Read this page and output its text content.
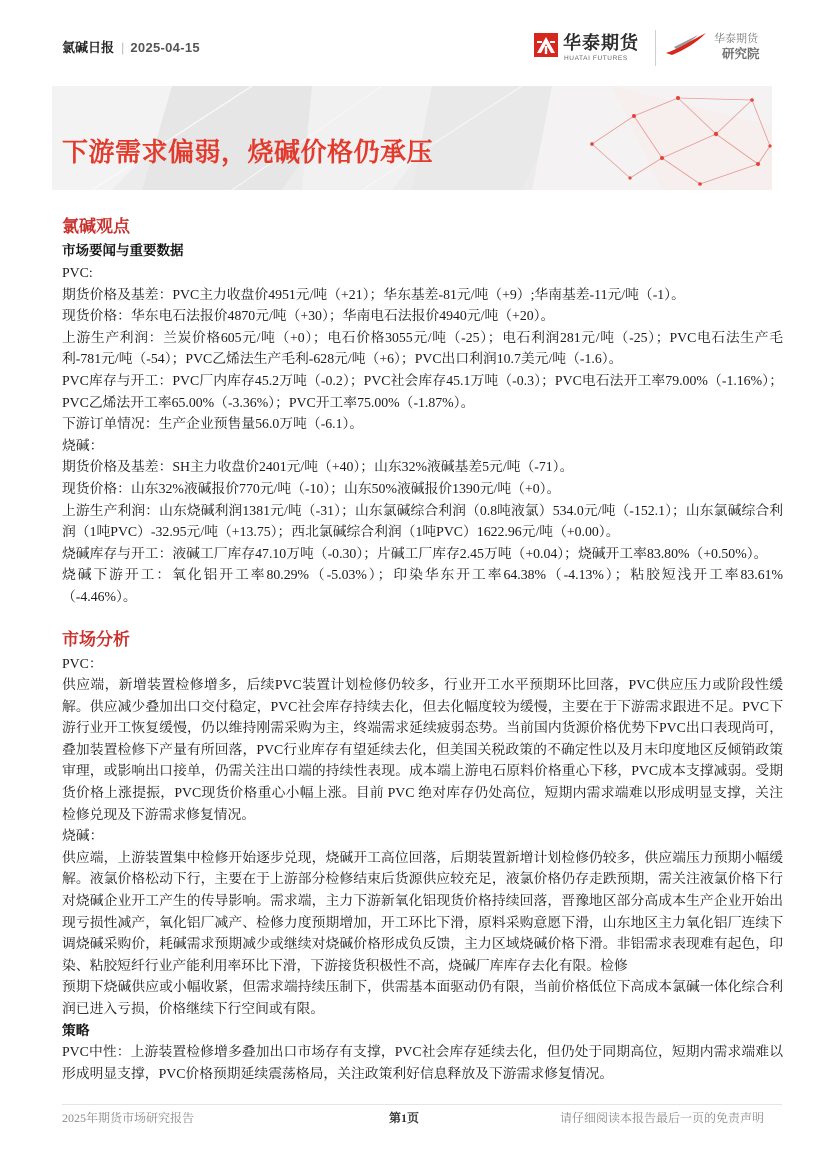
氯碱日报 | 2025-04-15	华泰期货
HUATAI FUTURES
华泰期货
研究院
下游需求偏弱，烧碱价格仍承压
氯碱观点
市场要闻与重要数据

PVC:

期货价格及基差：PVC主力收盘价4951元/吨（+21）；华东基差-81元/吨（+9）;华南基差-11元/吨（-1）。

现货价格：华东电石法报价4870元/吨（+30）；华南电石法报价4940元/吨（+20）。

上游生产利润：兰炭价格605元/吨（+0）；电石价格3055元/吨（-25）；电石利润281元/吨（-25）；PVC电石法生产毛利-781元/吨（-54）；PVC乙烯法生产毛利-628元/吨（+6）；PVC出口利润10.7美元/吨（-1.6）。

PVC库存与开工：PVC厂内库存45.2万吨（-0.2）；PVC社会库存45.1万吨（-0.3）；PVC电石法开工率79.00%（-1.16%）；PVC乙烯法开工率65.00%（-3.36%）；PVC开工率75.00%（-1.87%）。

下游订单情况：生产企业预售量56.0万吨（-6.1）。

烧碱：

期货价格及基差：SH主力收盘价2401元/吨（+40）；山东32%液碱基差5元/吨（-71）。

现货价格：山东32%液碱报价770元/吨（-10）；山东50%液碱报价1390元/吨（+0）。

上游生产利润：山东烧碱利润1381元/吨（-31）；山东氯碱综合利润（0.8吨液氯）534.0元/吨（-152.1）；山东氯碱综合利润（1吨PVC）-32.95元/吨（+13.75）；西北氯碱综合利润（1吨PVC）1622.96元/吨（+0.00）。

烧碱库存与开工：液碱工厂库存47.10万吨（-0.30）；片碱工厂库存2.45万吨（+0.04）；烧碱开工率83.80%（+0.50%）。

烧碱下游开工：氧化铝开工率80.29%（-5.03%）；印染华东开工率64.38%（-4.13%）；粘胶短浅开工率83.61%（-4.46%）。

市场分析

PVC：

供应端，新增装置检修增多，后续PVC装置计划检修仍较多，行业开工水平预期环比回落，PVC供应压力或阶段性缓解。供应减少叠加出口交付稳定，PVC社会库存持续去化，但去化幅度较为缓慢，主要在于下游需求跟进不足。PVC下游行业开工恢复缓慢，仍以维持刚需采购为主，终端需求延续疲弱态势。当前国内货源价格优势下PVC出口表现尚可，叠加装置检修下产量有所回落，PVC行业库存有望延续去化，但美国关税政策的不确定性以及月末印度地区反倾销政策审理，或影响出口接单，仍需关注出口端的持续性表现。成本端上游电石原料价格重心下移，PVC成本支撑减弱。受期货价格上涨提振，PVC现货价格重心小幅上涨。目前 PVC 绝对库存仍处高位，短期内需求端难以形成明显支撑，关注检修兑现及下游需求修复情况。

烧碱：

供应端，上游装置集中检修开始逐步兑现，烧碱开工高位回落，后期装置新增计划检修仍较多，供应端压力预期小幅缓解。液氯价格松动下行，主要在于上游部分检修结束后货源供应较充足，液氯价格仍存走跌预期，需关注液氯价格下行对烧碱企业开工产生的传导影响。需求端，主力下游新氧化铝现货价格持续回落，晋豫地区部分高成本生产企业开始出现亏损性减产，氧化铝厂减产、检修力度预期增加，开工环比下滑，原料采购意愿下滑，山东地区主力氧化铝厂连续下调烧碱采购价，耗碱需求预期减少或继续对烧碱价格形成负反馈，主力区域烧碱价格下滑。非铝需求表现难有起色，印染、粘胶短纤行业产能利用率环比下滑，下游接货积极性不高，烧碱厂库库存去化有限。检修

预期下烧碱供应或小幅收紧，但需求端持续压制下，供需基本面驱动仍有限，当前价格低位下高成本氯碱一体化综合利润已进入亏损，价格继续下行空间或有限。

策略

PVC中性：上游装置检修增多叠加出口市场存有支撑，PVC社会库存延续去化，但仍处于同期高位，短期内需求端难以形成明显支撑，PVC价格预期延续震荡格局，关注政策利好信息释放及下游需求修复情况。

2025年期货市场研究报告	第1页	请仔细阅读本报告最后一页的免责声明
